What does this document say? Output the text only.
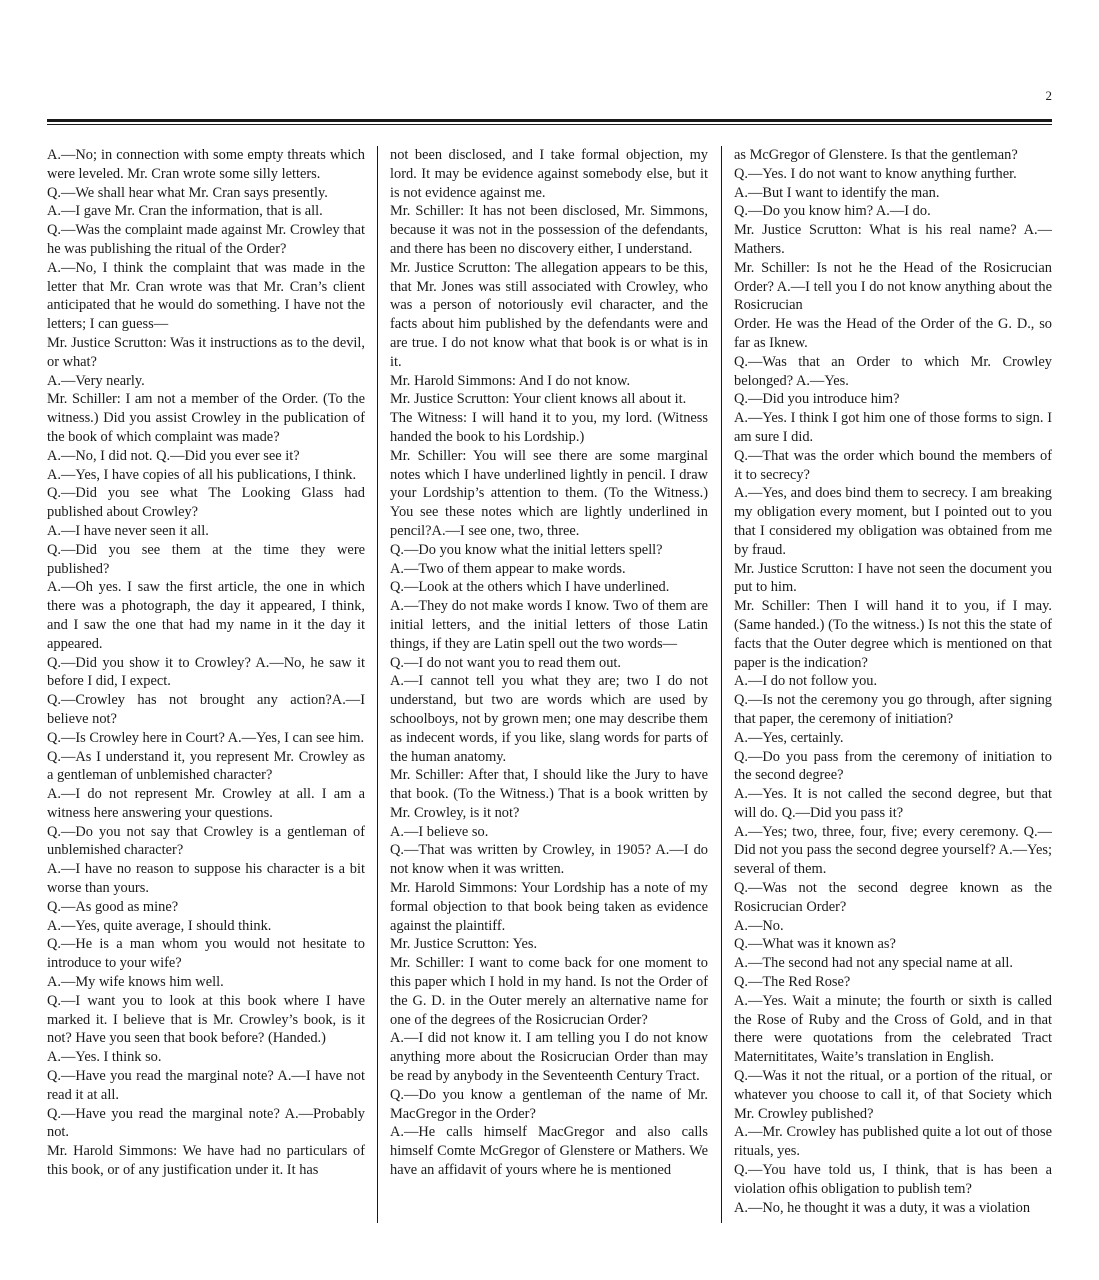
2

A.—No; in connection with some empty threats which were leveled. Mr. Cran wrote some silly letters.

Q.—We shall hear what Mr. Cran says presently.

A.—I gave Mr. Cran the information, that is all.

Q.—Was the complaint made against Mr. Crowley that he was publishing the ritual of the Order?

A.—No, I think the complaint that was made in the letter that Mr. Cran wrote was that Mr. Cran’s client anticipated that he would do something. I have not the letters; I can guess—

Mr. Justice Scrutton: Was it instructions as to the devil, or what?

A.—Very nearly.

Mr. Schiller: I am not a member of the Order. (To the witness.) Did you assist Crowley in the publication of the book of which complaint was made?

A.—No, I did not. Q.—Did you ever see it?

A.—Yes, I have copies of all his publications, I think.

Q.—Did you see what The Looking Glass had published about Crowley?

A.—I have never seen it all.

Q.—Did you see them at the time they were published?

A.—Oh yes. I saw the first article, the one in which there was a photograph, the day it appeared, I think, and I saw the one that had my name in it the day it appeared.

Q.—Did you show it to Crowley? A.—No, he saw it before I did, I expect.

Q.—Crowley has not brought any action?A.—I believe not?

Q.—Is Crowley here in Court? A.—Yes, I can see him.

Q.—As I understand it, you represent Mr. Crowley as a gentleman of unblemished character?

A.—I do not represent Mr. Crowley at all. I am a witness here answering your questions.

Q.—Do you not say that Crowley is a gentleman of unblemished character?

A.—I have no reason to suppose his character is a bit worse than yours.

Q.—As good as mine?

A.—Yes, quite average, I should think.

Q.—He is a man whom you would not hesitate to introduce to your wife?

A.—My wife knows him well.

Q.—I want you to look at this book where I have marked it. I believe that is Mr. Crowley’s book, is it not? Have you seen that book before? (Handed.)

A.—Yes. I think so.

Q.—Have you read the marginal note? A.—I have not read it at all.

Q.—Have you read the marginal note? A.—Probably not.

Mr. Harold Simmons: We have had no particulars of this book, or of any justification under it. It has

not been disclosed, and I take formal objection, my lord. It may be evidence against somebody else, but it is not evidence against me.

Mr. Schiller: It has not been disclosed, Mr. Simmons, because it was not in the possession of the defendants, and there has been no discovery either, I understand.

Mr. Justice Scrutton: The allegation appears to be this, that Mr. Jones was still associated with Crowley, who was a person of notoriously evil character, and the facts about him published by the defendants were and are true. I do not know what that book is or what is in it.

Mr. Harold Simmons: And I do not know.

Mr. Justice Scrutton: Your client knows all about it.

The Witness: I will hand it to you, my lord. (Witness handed the book to his Lordship.)

Mr. Schiller: You will see there are some marginal notes which I have underlined lightly in pencil. I draw your Lordship’s attention to them. (To the Witness.) You see these notes which are lightly underlined in pencil?A.—I see one, two, three.

Q.—Do you know what the initial letters spell?

A.—Two of them appear to make words.

Q.—Look at the others which I have underlined.

A.—They do not make words I know. Two of them are initial letters, and the initial letters of those Latin things, if they are Latin spell out the two words—

Q.—I do not want you to read them out.

A.—I cannot tell you what they are; two I do not understand, but two are words which are used by schoolboys, not by grown men; one may describe them as indecent words, if you like, slang words for parts of the human anatomy.

Mr. Schiller: After that, I should like the Jury to have that book. (To the Witness.) That is a book written by Mr. Crowley, is it not?

A.—I believe so.

Q.—That was written by Crowley, in 1905? A.—I do not know when it was written.

Mr. Harold Simmons: Your Lordship has a note of my formal objection to that book being taken as evidence against the plaintiff.

Mr. Justice Scrutton: Yes.

Mr. Schiller: I want to come back for one moment to this paper which I hold in my hand. Is not the Order of the G. D. in the Outer merely an alternative name for one of the degrees of the Rosicrucian Order?

A.—I did not know it. I am telling you I do not know anything more about the Rosicrucian Order than may be read by anybody in the Seventeenth Century Tract.

Q.—Do you know a gentleman of the name of Mr. MacGregor in the Order?

A.—He calls himself MacGregor and also calls himself Comte McGregor of Glenstere or Mathers. We have an affidavit of yours where he is mentioned

as McGregor of Glenstere. Is that the gentleman?

Q.—Yes. I do not want to know anything further.

A.—But I want to identify the man.

Q.—Do you know him? A.—I do.

Mr. Justice Scrutton: What is his real name? A.—Mathers.

Mr. Schiller: Is not he the Head of the Rosicrucian Order? A.—I tell you I do not know anything about the Rosicrucian

Order. He was the Head of the Order of the G. D., so far as Iknew.

Q.—Was that an Order to which Mr. Crowley belonged? A.—Yes.

Q.—Did you introduce him?

A.—Yes. I think I got him one of those forms to sign. I am sure I did.

Q.—That was the order which bound the members of it to secrecy?

A.—Yes, and does bind them to secrecy. I am breaking my obligation every moment, but I pointed out to you that I considered my obligation was obtained from me by fraud.

Mr. Justice Scrutton: I have not seen the document you put to him.

Mr. Schiller: Then I will hand it to you, if I may. (Same handed.) (To the witness.) Is not this the state of facts that the Outer degree which is mentioned on that paper is the indication?

A.—I do not follow you.

Q.—Is not the ceremony you go through, after signing that paper, the ceremony of initiation?

A.—Yes, certainly.

Q.—Do you pass from the ceremony of initiation to the second degree?

A.—Yes. It is not called the second degree, but that will do. Q.—Did you pass it?

A.—Yes; two, three, four, five; every ceremony. Q.—Did not you pass the second degree yourself? A.—Yes; several of them.

Q.—Was not the second degree known as the Rosicrucian Order?

A.—No.

Q.—What was it known as?

A.—The second had not any special name at all.

Q.—The Red Rose?

A.—Yes. Wait a minute; the fourth or sixth is called the Rose of Ruby and the Cross of Gold, and in that there were quotations from the celebrated Tract Maternititates, Waite’s translation in English.

Q.—Was it not the ritual, or a portion of the ritual, or whatever you choose to call it, of that Society which Mr. Crowley published?

A.—Mr. Crowley has published quite a lot out of those rituals, yes.

Q.—You have told us, I think, that is has been a violation ofhis obligation to publish tem?

A.—No, he thought it was a duty, it was a violation
